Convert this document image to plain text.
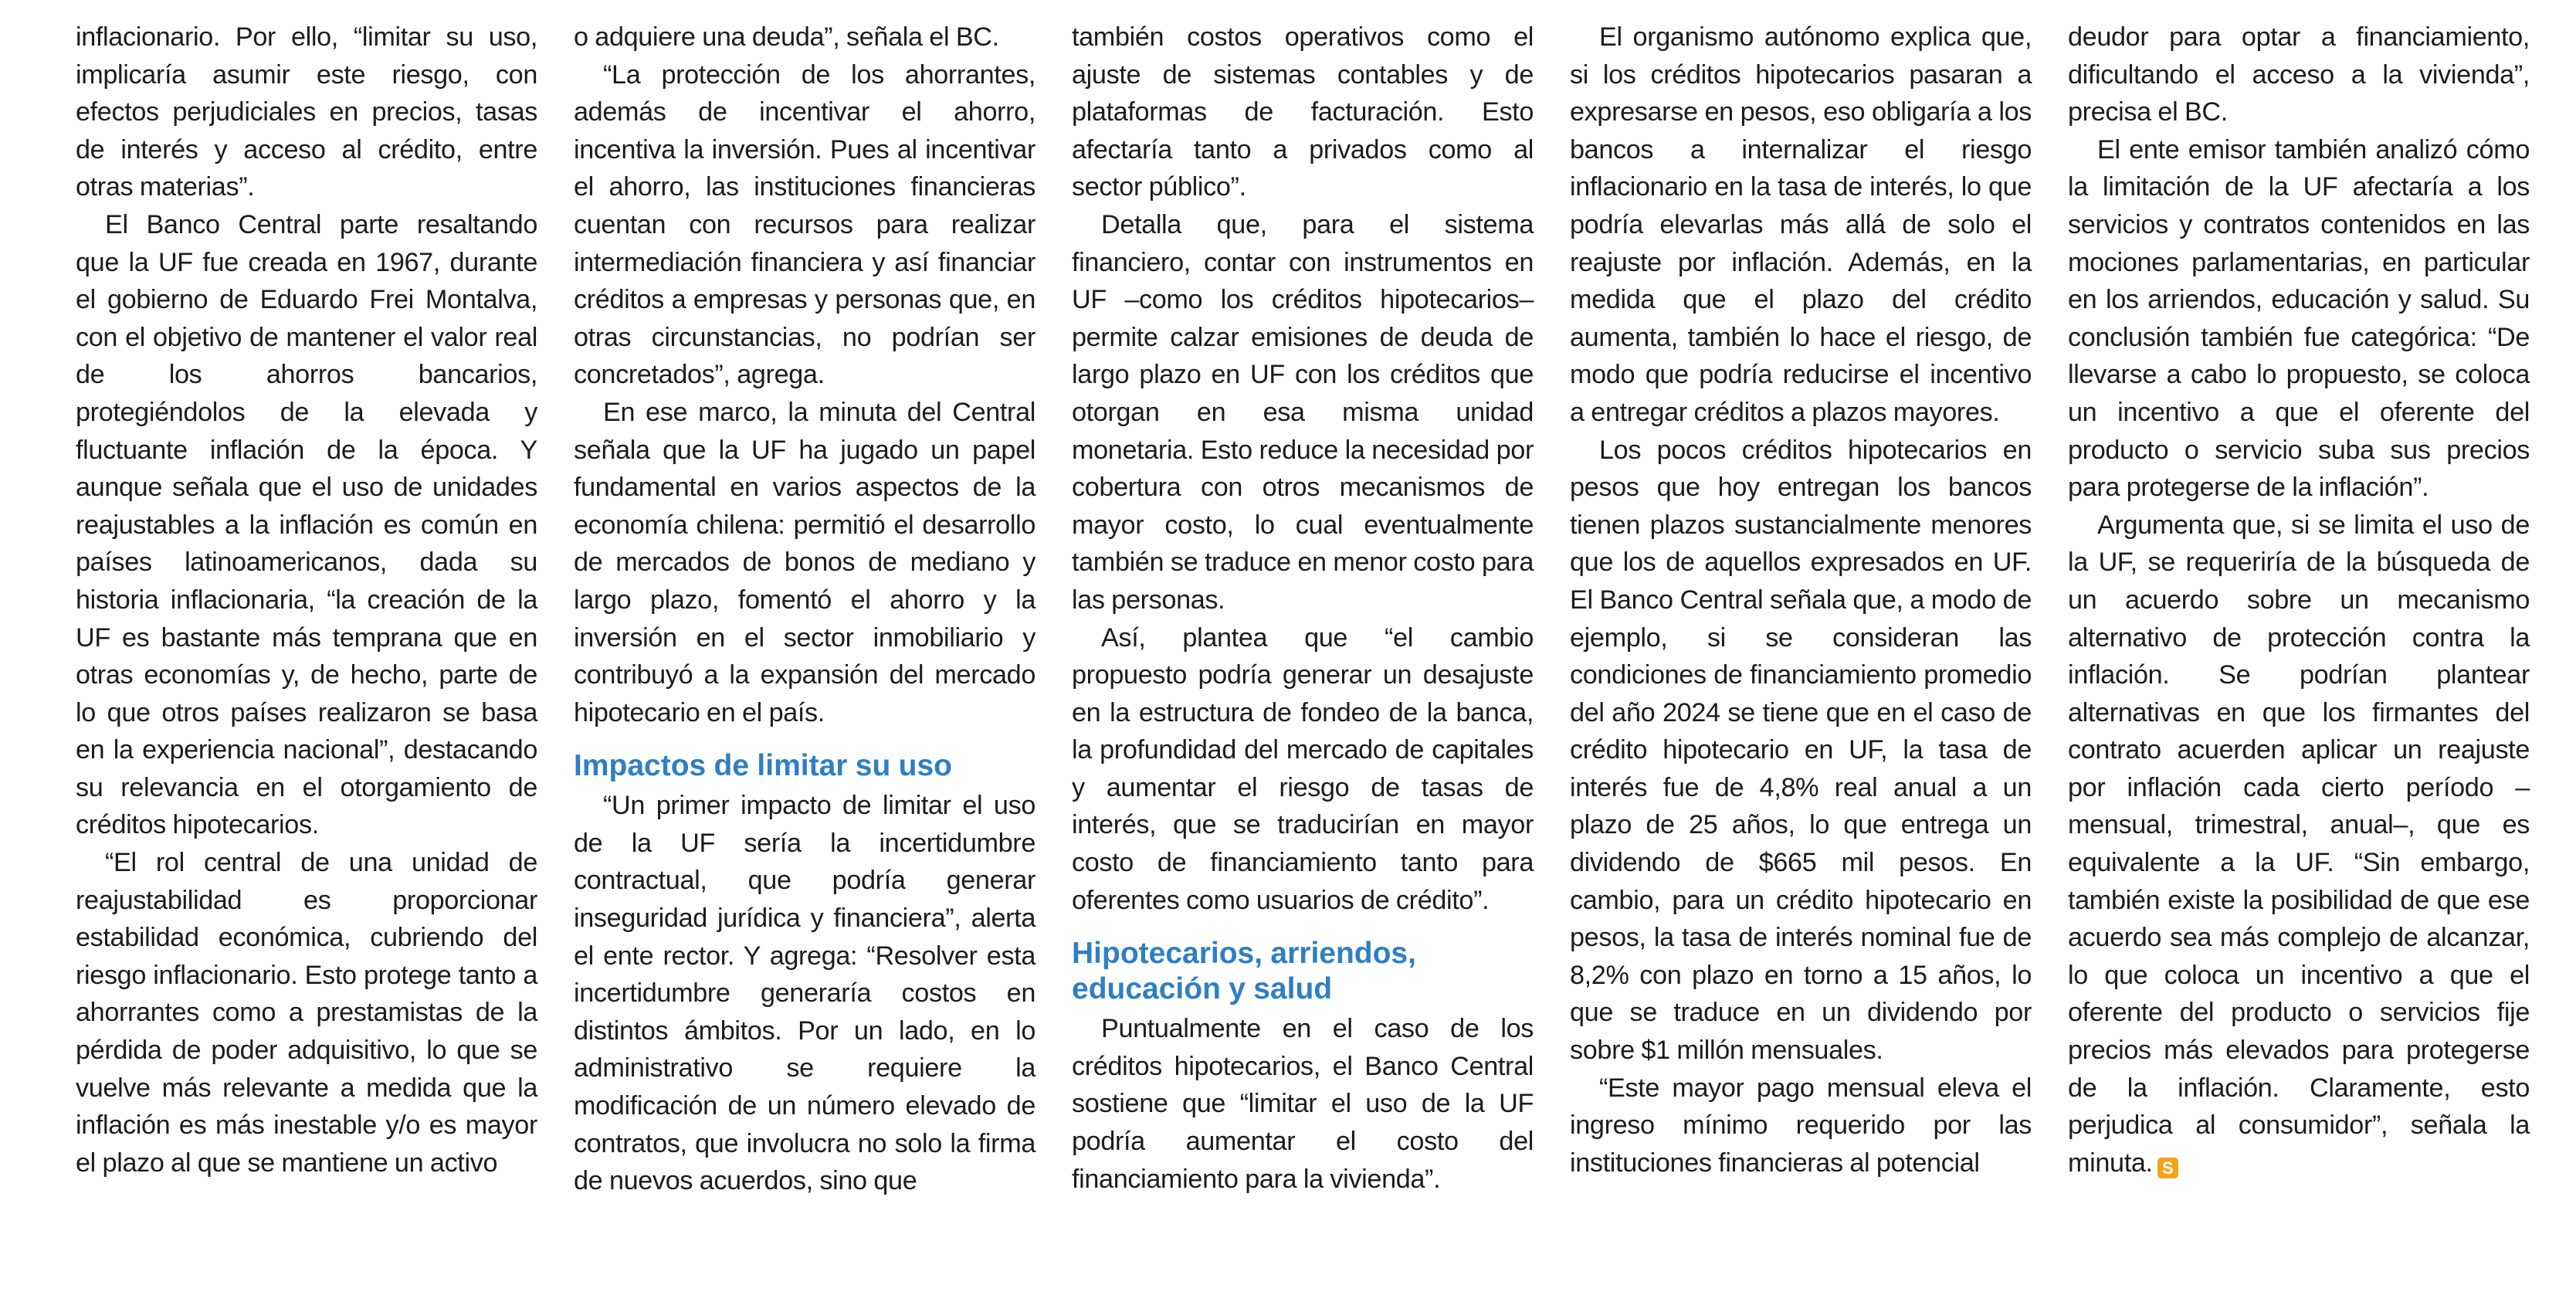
inflacionario. Por ello, “limitar su uso, implicaría asumir este riesgo, con efectos perjudiciales en precios, tasas de interés y acceso al crédito, entre otras materias”.

El Banco Central parte resaltando que la UF fue creada en 1967, durante el gobierno de Eduardo Frei Montalva, con el objetivo de mantener el valor real de los ahorros bancarios, protegiéndolos de la elevada y fluctuante inflación de la época. Y aunque señala que el uso de unidades reajustables a la inflación es común en países latinoamericanos, dada su historia inflacionaria, “la creación de la UF es bastante más temprana que en otras economías y, de hecho, parte de lo que otros países realizaron se basa en la experiencia nacional”, destacando su relevancia en el otorgamiento de créditos hipotecarios.

“El rol central de una unidad de reajustabilidad es proporcionar estabilidad económica, cubriendo del riesgo inflacionario. Esto protege tanto a ahorrantes como a prestamistas de la pérdida de poder adquisitivo, lo que se vuelve más relevante a medida que la inflación es más inestable y/o es mayor el plazo al que se mantiene un activo

o adquiere una deuda”, señala el BC.

“La protección de los ahorrantes, además de incentivar el ahorro, incentiva la inversión. Pues al incentivar el ahorro, las instituciones financieras cuentan con recursos para realizar intermediación financiera y así financiar créditos a empresas y personas que, en otras circunstancias, no podrían ser concretados”, agrega.

En ese marco, la minuta del Central señala que la UF ha jugado un papel fundamental en varios aspectos de la economía chilena: permitió el desarrollo de mercados de bonos de mediano y largo plazo, fomentó el ahorro y la inversión en el sector inmobiliario y contribuyó a la expansión del mercado hipotecario en el país.

Impactos de limitar su uso

“Un primer impacto de limitar el uso de la UF sería la incertidumbre contractual, que podría generar inseguridad jurídica y financiera”, alerta el ente rector. Y agrega: “Resolver esta incertidumbre generaría costos en distintos ámbitos. Por un lado, en lo administrativo se requiere la modificación de un número elevado de contratos, que involucra no solo la firma de nuevos acuerdos, sino que

también costos operativos como el ajuste de sistemas contables y de plataformas de facturación. Esto afectaría tanto a privados como al sector público”.

Detalla que, para el sistema financiero, contar con instrumentos en UF –como los créditos hipotecarios– permite calzar emisiones de deuda de largo plazo en UF con los créditos que otorgan en esa misma unidad monetaria. Esto reduce la necesidad por cobertura con otros mecanismos de mayor costo, lo cual eventualmente también se traduce en menor costo para las personas.

Así, plantea que “el cambio propuesto podría generar un desajuste en la estructura de fondeo de la banca, la profundidad del mercado de capitales y aumentar el riesgo de tasas de interés, que se traducirían en mayor costo de financiamiento tanto para oferentes como usuarios de crédito”.

Hipotecarios, arriendos, educación y salud

Puntualmente en el caso de los créditos hipotecarios, el Banco Central sostiene que “limitar el uso de la UF podría aumentar el costo del financiamiento para la vivienda”.

El organismo autónomo explica que, si los créditos hipotecarios pasaran a expresarse en pesos, eso obligaría a los bancos a internalizar el riesgo inflacionario en la tasa de interés, lo que podría elevarlas más allá de solo el reajuste por inflación. Además, en la medida que el plazo del crédito aumenta, también lo hace el riesgo, de modo que podría reducirse el incentivo a entregar créditos a plazos mayores.

Los pocos créditos hipotecarios en pesos que hoy entregan los bancos tienen plazos sustancialmente menores que los de aquellos expresados en UF. El Banco Central señala que, a modo de ejemplo, si se consideran las condiciones de financiamiento promedio del año 2024 se tiene que en el caso de crédito hipotecario en UF, la tasa de interés fue de 4,8% real anual a un plazo de 25 años, lo que entrega un dividendo de $665 mil pesos. En cambio, para un crédito hipotecario en pesos, la tasa de interés nominal fue de 8,2% con plazo en torno a 15 años, lo que se traduce en un dividendo por sobre $1 millón mensuales.

“Este mayor pago mensual eleva el ingreso mínimo requerido por las instituciones financieras al potencial

deudor para optar a financiamiento, dificultando el acceso a la vivienda”, precisa el BC.

El ente emisor también analizó cómo la limitación de la UF afectaría a los servicios y contratos contenidos en las mociones parlamentarias, en particular en los arriendos, educación y salud. Su conclusión también fue categórica: “De llevarse a cabo lo propuesto, se coloca un incentivo a que el oferente del producto o servicio suba sus precios para protegerse de la inflación”.

Argumenta que, si se limita el uso de la UF, se requeriría de la búsqueda de un acuerdo sobre un mecanismo alternativo de protección contra la inflación. Se podrían plantear alternativas en que los firmantes del contrato acuerden aplicar un reajuste por inflación cada cierto período –mensual, trimestral, anual–, que es equivalente a la UF. “Sin embargo, también existe la posibilidad de que ese acuerdo sea más complejo de alcanzar, lo que coloca un incentivo a que el oferente del producto o servicios fije precios más elevados para protegerse de la inflación. Claramente, esto perjudica al consumidor”, señala la minuta. S
